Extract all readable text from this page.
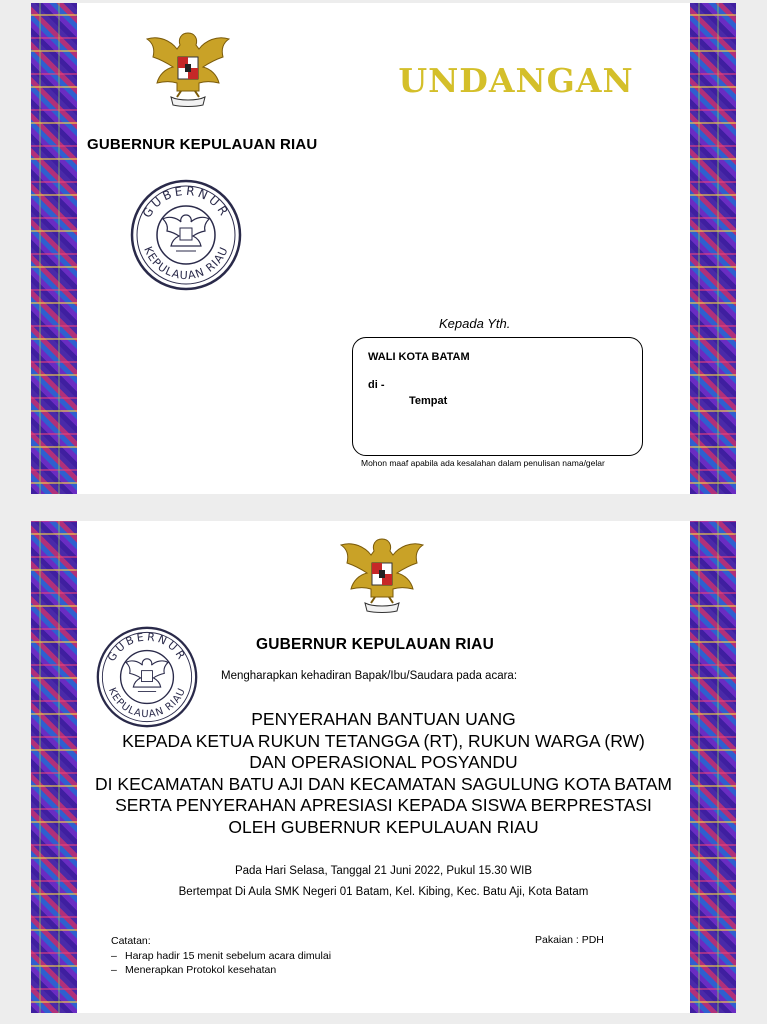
UNDANGAN
GUBERNUR KEPULAUAN RIAU
GUBERNUR
KEPULAUAN RIAU
Kepada Yth.
WALI KOTA BATAM
di -
Tempat
Mohon maaf apabila ada kesalahan dalam penulisan nama/gelar
GUBERNUR KEPULAUAN RIAU
GUBERNUR
KEPULAUAN RIAU
Mengharapkan kehadiran Bapak/Ibu/Saudara pada acara:
PENYERAHAN BANTUAN UANG
KEPADA KETUA RUKUN TETANGGA (RT), RUKUN WARGA (RW)
DAN OPERASIONAL POSYANDU
DI KECAMATAN BATU AJI DAN KECAMATAN SAGULUNG KOTA BATAM
SERTA PENYERAHAN APRESIASI KEPADA SISWA BERPRESTASI
OLEH GUBERNUR KEPULAUAN RIAU
Pada Hari Selasa, Tanggal 21 Juni 2022, Pukul 15.30 WIB
Bertempat Di Aula SMK Negeri 01 Batam, Kel. Kibing, Kec. Batu Aji, Kota Batam
Catatan:
– Harap hadir 15 menit sebelum acara dimulai
– Menerapkan Protokol kesehatan
Pakaian : PDH
